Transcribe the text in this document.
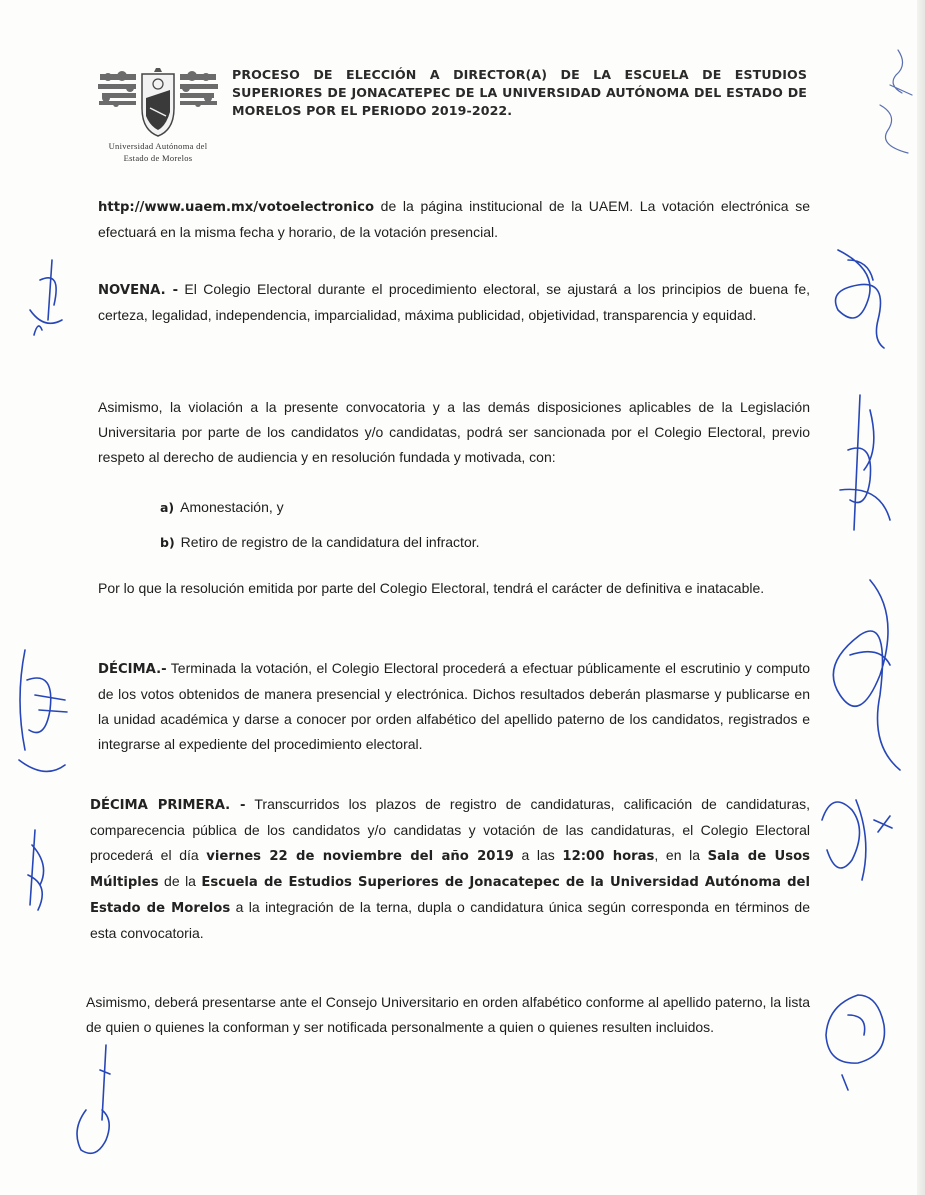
Universidad Autónoma del
Estado de Morelos
PROCESO DE ELECCIÓN A DIRECTOR(A) DE LA ESCUELA DE ESTUDIOS SUPERIORES DE JONACATEPEC DE LA UNIVERSIDAD AUTÓNOMA DEL ESTADO DE MORELOS POR EL PERIODO 2019-2022.

http://www.uaem.mx/votoelectronico de la página institucional de la UAEM. La votación electrónica se efectuará en la misma fecha y horario, de la votación presencial.

NOVENA. - El Colegio Electoral durante el procedimiento electoral, se ajustará a los principios de buena fe, certeza, legalidad, independencia, imparcialidad, máxima publicidad, objetividad, transparencia y equidad.

Asimismo, la violación a la presente convocatoria y a las demás disposiciones aplicables de la Legislación Universitaria por parte de los candidatos y/o candidatas, podrá ser sancionada por el Colegio Electoral, previo respeto al derecho de audiencia y en resolución fundada y motivada, con:

a) Amonestación, y
b) Retiro de registro de la candidatura del infractor.

Por lo que la resolución emitida por parte del Colegio Electoral, tendrá el carácter de definitiva e inatacable.

DÉCIMA.- Terminada la votación, el Colegio Electoral procederá a efectuar públicamente el escrutinio y computo de los votos obtenidos de manera presencial y electrónica. Dichos resultados deberán plasmarse y publicarse en la unidad académica y darse a conocer por orden alfabético del apellido paterno de los candidatos, registrados e integrarse al expediente del procedimiento electoral.

DÉCIMA PRIMERA. - Transcurridos los plazos de registro de candidaturas, calificación de candidaturas, comparecencia pública de los candidatos y/o candidatas y votación de las candidaturas, el Colegio Electoral procederá el día viernes 22 de noviembre del año 2019 a las 12:00 horas, en la Sala de Usos Múltiples de la Escuela de Estudios Superiores de Jonacatepec de la Universidad Autónoma del Estado de Morelos a la integración de la terna, dupla o candidatura única según corresponda en términos de esta convocatoria.

Asimismo, deberá presentarse ante el Consejo Universitario en orden alfabético conforme al apellido paterno, la lista de quien o quienes la conforman y ser notificada personalmente a quien o quienes resulten incluidos.
